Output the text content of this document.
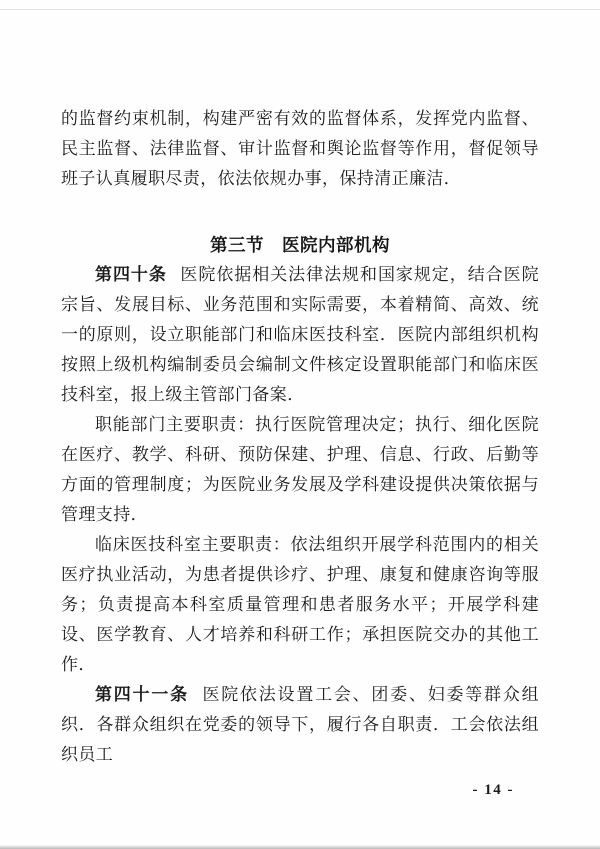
的监督约束机制，构建严密有效的监督体系，发挥党内监督、民主监督、法律监督、审计监督和舆论监督等作用，督促领导班子认真履职尽责，依法依规办事，保持清正廉洁．

第三节　医院内部机构

第四十条 医院依据相关法律法规和国家规定，结合医院宗旨、发展目标、业务范围和实际需要，本着精简、高效、统一的原则，设立职能部门和临床医技科室．医院内部组织机构按照上级机构编制委员会编制文件核定设置职能部门和临床医技科室，报上级主管部门备案．

职能部门主要职责：执行医院管理决定；执行、细化医院在医疗、教学、科研、预防保建、护理、信息、行政、后勤等方面的管理制度；为医院业务发展及学科建设提供决策依据与管理支持．

临床医技科室主要职责：依法组织开展学科范围内的相关医疗执业活动，为患者提供诊疗、护理、康复和健康咨询等服务；负责提高本科室质量管理和患者服务水平；开展学科建设、医学教育、人才培养和科研工作；承担医院交办的其他工作．

第四十一条 医院依法设置工会、团委、妇委等群众组织．各群众组织在党委的领导下，履行各自职责．工会依法组织员工

- 14 -
